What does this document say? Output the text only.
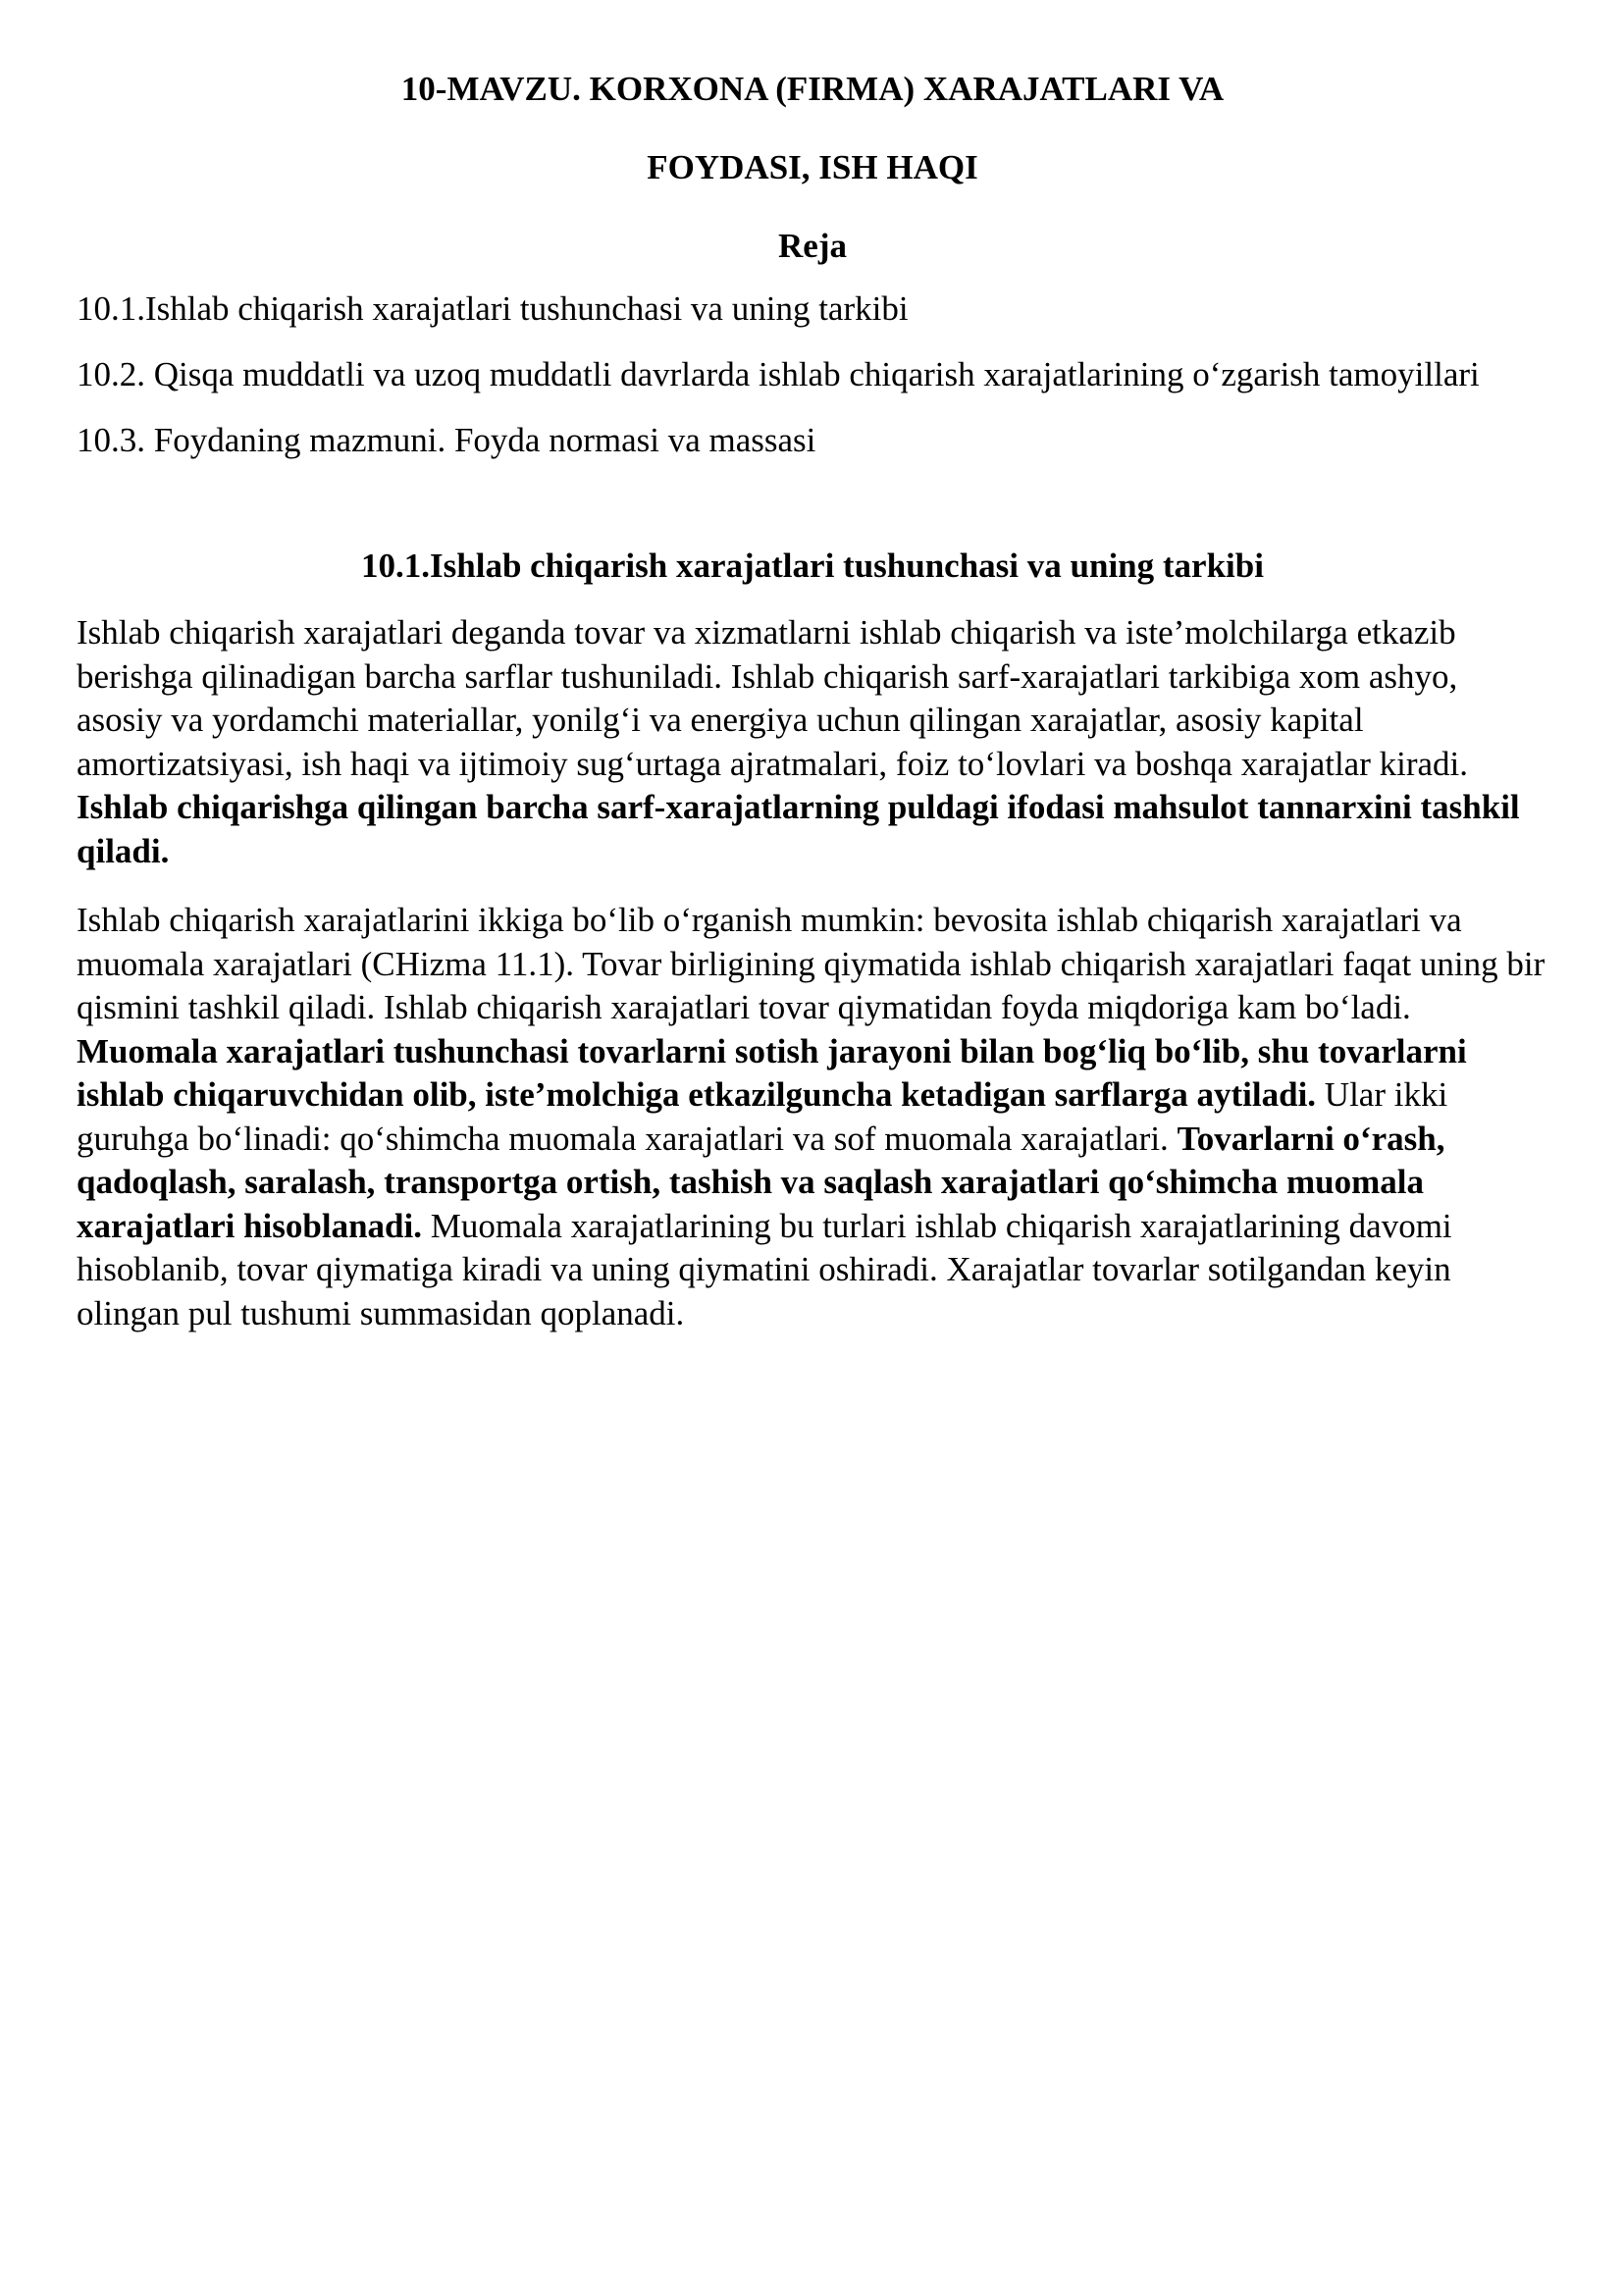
10-MAVZU. KORXONA (FIRMA) XARAJATLARI VA
FOYDASI, ISH HAQI
Reja
10.1.Ishlab chiqarish xarajatlari tushunchasi va uning tarkibi
10.2. Qisqa muddatli va uzoq muddatli davrlarda ishlab chiqarish xarajatlarining o‘zgarish tamoyillari
10.3. Foydaning mazmuni. Foyda normasi va massasi
10.1.Ishlab chiqarish xarajatlari tushunchasi va uning tarkibi

Ishlab chiqarish xarajatlari deganda tovar va xizmatlarni ishlab chiqarish va iste’molchilarga etkazib berishga qilinadigan barcha sarflar tushuniladi. Ishlab chiqarish sarf-xarajatlari tarkibiga xom ashyo, asosiy va yordamchi materiallar, yonilg‘i va energiya uchun qilingan xarajatlar, asosiy kapital amortizatsiyasi, ish haqi va ijtimoiy sug‘urtaga ajratmalari, foiz to‘lovlari va boshqa xarajatlar kiradi. Ishlab chiqarishga qilingan barcha sarf-xarajatlarning puldagi ifodasi mahsulot tannarxini tashkil qiladi.

Ishlab chiqarish xarajatlarini ikkiga bo‘lib o‘rganish mumkin: bevosita ishlab chiqarish xarajatlari va muomala xarajatlari (CHizma 11.1). Tovar birligining qiymatida ishlab chiqarish xarajatlari faqat uning bir qismini tashkil qiladi. Ishlab chiqarish xarajatlari tovar qiymatidan foyda miqdoriga kam bo‘ladi. Muomala xarajatlari tushunchasi tovarlarni sotish jarayoni bilan bog‘liq bo‘lib, shu tovarlarni ishlab chiqaruvchidan olib, iste’molchiga etkazilguncha ketadigan sarflarga aytiladi. Ular ikki guruhga bo‘linadi: qo‘shimcha muomala xarajatlari va sof muomala xarajatlari. Tovarlarni o‘rash, qadoqlash, saralash, transportga ortish, tashish va saqlash xarajatlari qo‘shimcha muomala xarajatlari hisoblanadi. Muomala xarajatlarining bu turlari ishlab chiqarish xarajatlarining davomi hisoblanib, tovar qiymatiga kiradi va uning qiymatini oshiradi. Xarajatlar tovarlar sotilgandan keyin olingan pul tushumi summasidan qoplanadi.
